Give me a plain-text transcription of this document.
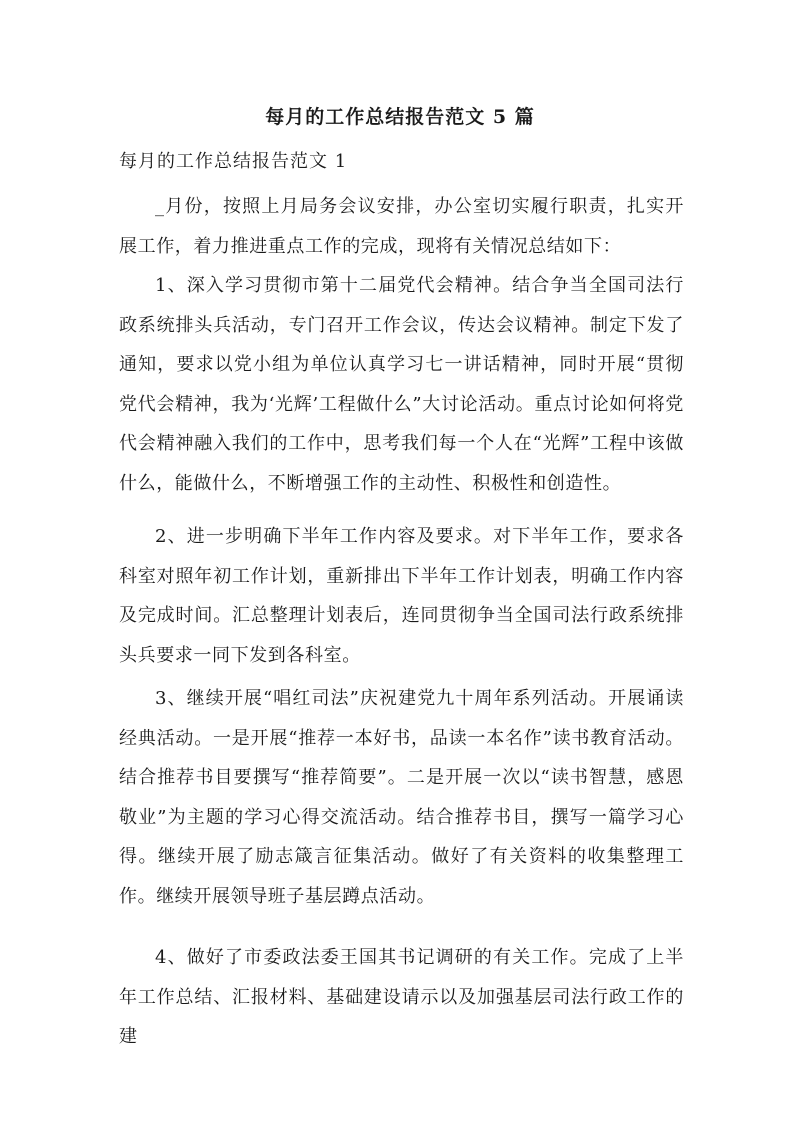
每月的工作总结报告范文 5 篇
每月的工作总结报告范文 1

_月份，按照上月局务会议安排，办公室切实履行职责，扎实开展工作，着力推进重点工作的完成，现将有关情况总结如下：

1、深入学习贯彻市第十二届党代会精神。结合争当全国司法行政系统排头兵活动，专门召开工作会议，传达会议精神。制定下发了通知，要求以党小组为单位认真学习七一讲话精神，同时开展“贯彻党代会精神，我为‘光辉’工程做什么”大讨论活动。重点讨论如何将党代会精神融入我们的工作中，思考我们每一个人在“光辉”工程中该做什么，能做什么，不断增强工作的主动性、积极性和创造性。

2、进一步明确下半年工作内容及要求。对下半年工作，要求各科室对照年初工作计划，重新排出下半年工作计划表，明确工作内容及完成时间。汇总整理计划表后，连同贯彻争当全国司法行政系统排头兵要求一同下发到各科室。

3、继续开展“唱红司法”庆祝建党九十周年系列活动。开展诵读经典活动。一是开展“推荐一本好书，品读一本名作”读书教育活动。结合推荐书目要撰写“推荐简要”。二是开展一次以“读书智慧，感恩敬业”为主题的学习心得交流活动。结合推荐书目，撰写一篇学习心得。继续开展了励志箴言征集活动。做好了有关资料的收集整理工作。继续开展领导班子基层蹲点活动。

4、做好了市委政法委王国其书记调研的有关工作。完成了上半年工作总结、汇报材料、基础建设请示以及加强基层司法行政工作的建
